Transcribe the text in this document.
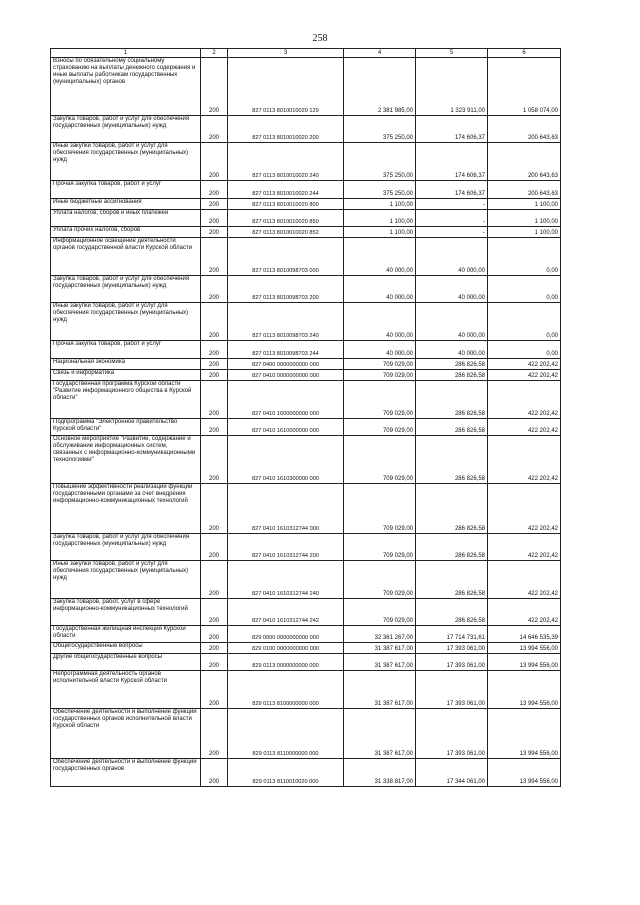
258
1	2	3	4	5	6
Взносы по обязательному социальному страхованию на выплаты денежного содержания и иные выплаты работникам государственных (муниципальных) органов	200	827 0113 8010010020 129	2 381 985,00	1 323 911,00	1 058 074,00
Закупка товаров, работ и услуг для обеспечения государственных (муниципальных) нужд	200	827 0113 8010010020 200	375 250,00	174 606,37	200 643,63
Иные закупки товаров, работ и услуг для обеспечения государственных (муниципальных) нужд	200	827 0113 8010010020 240	375 250,00	174 606,37	200 643,63
Прочая закупка товаров, работ и услуг	200	827 0113 8010010020 244	375 250,00	174 606,37	200 643,63
Иные бюджетные ассигнования	200	827 0113 8010010020 800	1 100,00	-	1 100,00
Уплата налогов, сборов и иных платежей	200	827 0113 8010010020 850	1 100,00	-	1 100,00
Уплата прочих налогов, сборов	200	827 0113 8010010020 852	1 100,00	-	1 100,00
Информационное освещение деятельности органов государственной власти Курской области	200	827 0113 8010098703 000	40 000,00	40 000,00	0,00
Закупка товаров, работ и услуг для обеспечения государственных (муниципальных) нужд	200	827 0113 8010098703 200	40 000,00	40 000,00	0,00
Иные закупки товаров, работ и услуг для обеспечения государственных (муниципальных) нужд	200	827 0113 8010098703 240	40 000,00	40 000,00	0,00
Прочая закупка товаров, работ и услуг	200	827 0113 8010098703 244	40 000,00	40 000,00	0,00
Национальная экономика	200	827 0400 0000000000 000	709 029,00	286 826,58	422 202,42
Связь и информатика	200	827 0410 0000000000 000	709 029,00	286 826,58	422 202,42
Государственная программа Курской области "Развитие информационного общества в Курской области"	200	827 0410 1600000000 000	709 029,00	286 826,58	422 202,42
Подпрограмма "Электронное правительство Курской области"	200	827 0410 1610000000 000	709 029,00	286 826,58	422 202,42
Основное мероприятие "Развитие, содержание и обслуживание информационных систем, связанных с информационно-коммуникационными технологиями"	200	827 0410 1610300000 000	709 029,00	286 826,58	422 202,42
Повышение эффективности реализации функций государственными органами за счет внедрения информационно-коммуникационных технологий	200	827 0410 1610312744 000	709 029,00	286 826,58	422 202,42
Закупка товаров, работ и услуг для обеспечения государственных (муниципальных) нужд	200	827 0410 1610312744 200	709 029,00	286 826,58	422 202,42
Иные закупки товаров, работ и услуг для обеспечения государственных (муниципальных) нужд	200	827 0410 1610312744 240	709 029,00	286 826,58	422 202,42
Закупка товаров, работ, услуг в сфере информационно-коммуникационных технологий	200	827 0410 1610312744 242	709 029,00	286 826,58	422 202,42
Государственная жилищная инспекция Курской области	200	829 0000 0000000000 000	32 361 267,00	17 714 731,61	14 646 535,39
Общегосударственные вопросы	200	829 0100 0000000000 000	31 387 617,00	17 393 061,00	13 994 556,00
Другие общегосударственные вопросы	200	829 0113 0000000000 000	31 387 617,00	17 393 061,00	13 994 556,00
Непрограммная деятельность органов исполнительной власти Курской области	200	829 0113 8100000000 000	31 387 617,00	17 393 061,00	13 994 556,00
Обеспечение деятельности и выполнение функций государственных органов исполнительной власти Курской области	200	829 0113 8110000000 000	31 387 617,00	17 393 061,00	13 994 556,00
Обеспечение деятельности и выполнение функций государственных органов	200	829 0113 8110010020 000	31 338 817,00	17 344 061,00	13 994 556,00
